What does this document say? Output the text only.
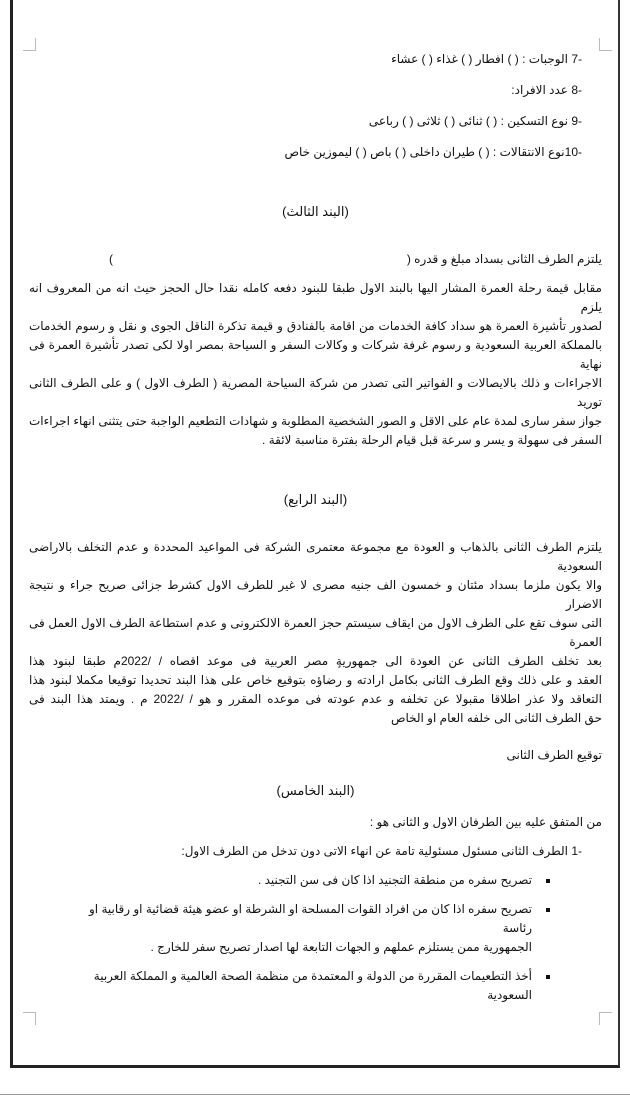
-7 الوجبات : ( ) افطار ( ) غذاء ( ) عشاء
-8 عدد الافراد:
-9 نوع التسكين : ( ) ثنائى ( ) ثلاثى ( ) رباعى
-10نوع الانتقالات : ( ) طيران داخلى ( ) باص ( ) ليموزين خاص
(البند الثالث)
يلتزم الطرف الثانى بسداد مبلغ و قدره (
)
مقابل قيمة رحلة العمرة المشار اليها بالبند الاول طبقا للبنود دفعه كامله نقدا حال الحجز حيث انه من المعروف انه يلزم
لصدور تأشيرة العمرة هو سداد كافة الخدمات من اقامة بالفنادق و قيمة تذكرة الناقل الجوى و نقل و رسوم الخدمات
بالمملكة العربية السعودية و رسوم غرفة شركات و وكالات السفر و السياحة بمصر اولا لكى تصدر تأشيرة العمرة فى نهاية
الاجراءات و ذلك بالايصالات و الفواتير التى تصدر من شركة السياحة المصرية ( الطرف الاول ) و على الطرف الثانى توريد
جواز سفر سارى لمدة عام على الاقل و الصور الشخصية المطلوبة و شهادات التطعيم الواجبة حتى يتثنى انهاء اجراءات
السفر فى سهولة و يسر و سرعة قبل قيام الرحلة بفترة مناسبة لائقة .
(البند الرابع)
يلتزم الطرف الثانى بالذهاب و العودة مع مجموعة معتمرى الشركة فى المواعيد المحددة و عدم التخلف بالاراضى السعودية
والا يكون ملزما بسداد مئتان و خمسون الف جنيه مصرى لا غير للطرف الاول كشرط جزائى صريح جراء و نتيجة الاضرار
التى سوف تقع على الطرف الاول من ايقاف سيستم حجز العمرة الالكترونى و عدم استطاعة الطرف الاول العمل فى العمرة
بعد تخلف الطرف الثانى عن العودة الى جمهوري̧ة مصر العربية فى موعد اقصاه / /2022م طبقا لبنود هذا
العقد و على ذلك وقع الطرف الثانى بكامل ارادته و رضاؤه بتوقيع خاص على هذا البند تحديدا توقيعا مكملا لبنود هذا
التعاقد ولا عذر اطلاقا مقبولا عن تخلفه و عدم عودته فى موعده المقرر و هو / /2022 م . ويمتد هذا البند فى
حق الطرف الثانى الى خلفه العام او الخاص
توقيع الطرف الثانى
(البند الخامس)
من المتفق عليه بين الطرفان الاول و الثانى هو :
-1 الطرف الثانى مسئول مسئولية تامة عن انهاء الاتى دون تدخل من الطرف الاول:
تصريح سفره من منطقة التجنيد اذا كان فى سن التجنيد .
تصريح سفره اذا كان من افراد القوات المسلحة او الشرطة او عضو هيئة قضائية او رقابية او رئاسة
الجمهورية ممن يستلزم عملهم و الجهات التابعة لها اصدار تصريح سفر للخارج .
أخذ التطعيمات المقررة من الدولة و المعتمدة من منظمة الصحة العالمية و المملكة العربية السعودية
